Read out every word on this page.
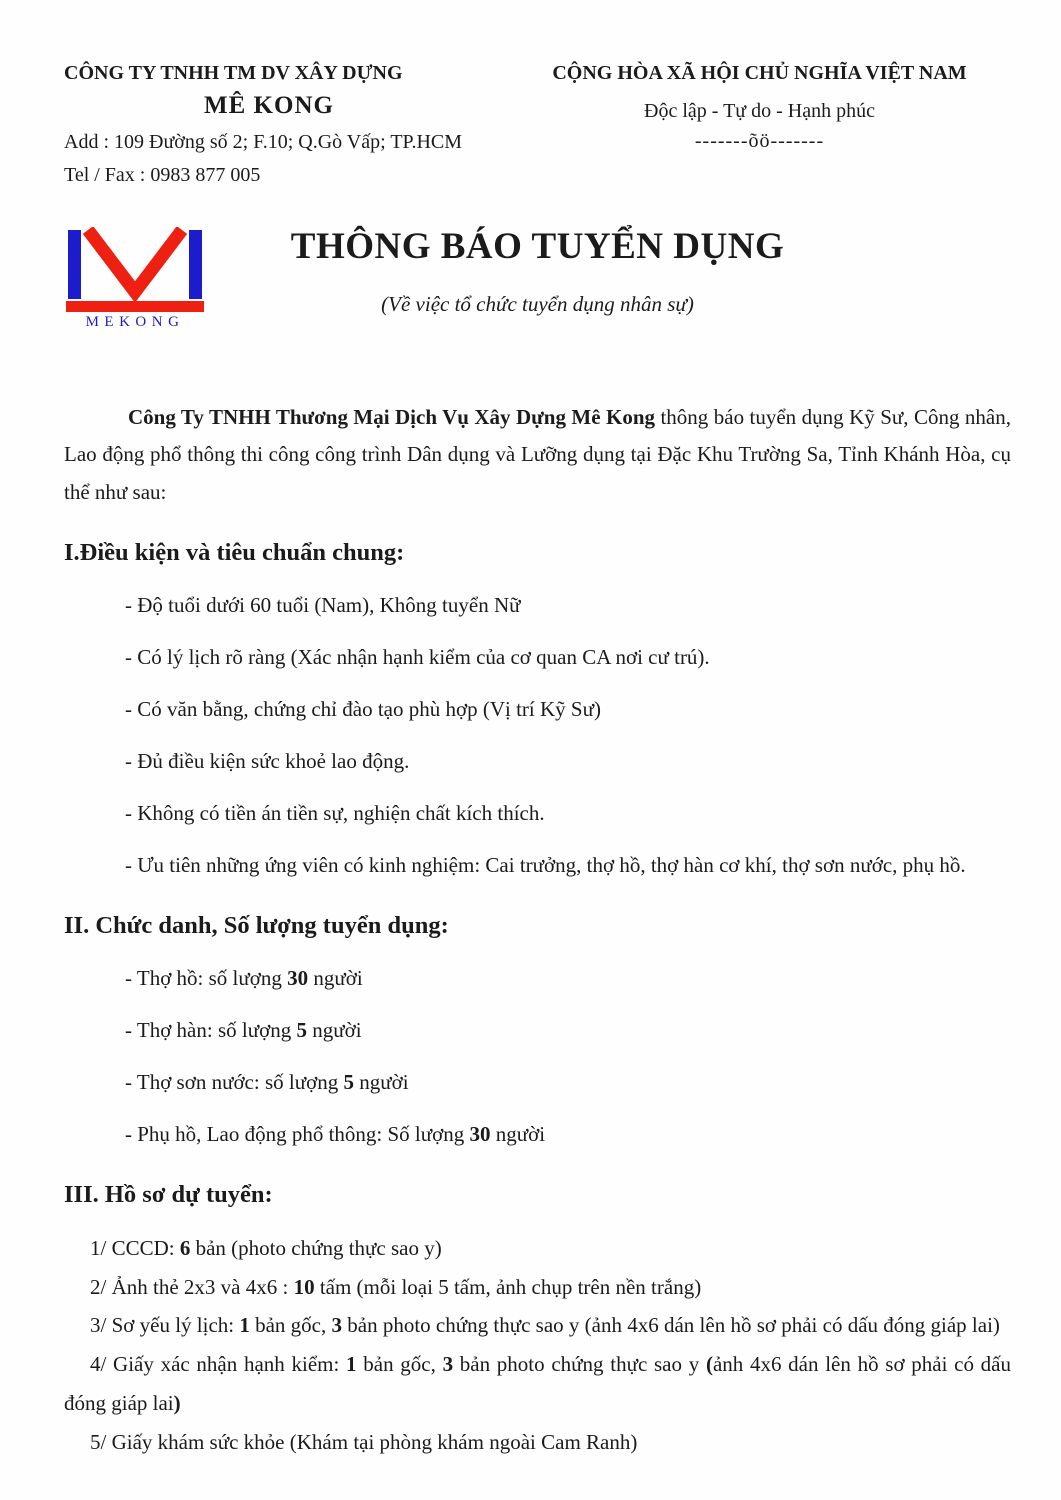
CÔNG TY TNHH TM DV XÂY DỰNG
MÊ KONG
Add : 109 Đường số 2; F.10; Q.Gò Vấp; TP.HCM
Tel / Fax : 0983 877 005
CỘNG HÒA XÃ HỘI CHỦ NGHĨA VIỆT NAM
Độc lập - Tự do - Hạnh phúc
-------õö-------
MEKONG
THÔNG BÁO TUYỂN DỤNG
(Về việc tổ chức tuyển dụng nhân sự)

Công Ty TNHH Thương Mại Dịch Vụ Xây Dựng Mê Kong thông báo tuyển dụng Kỹ Sư, Công nhân, Lao động phổ thông thi công công trình Dân dụng và Lưỡng dụng tại Đặc Khu Trường Sa, Tỉnh Khánh Hòa, cụ thể như sau:

I.Điều kiện và tiêu chuẩn chung:

- Độ tuổi dưới 60 tuổi (Nam), Không tuyển Nữ

- Có lý lịch rõ ràng (Xác nhận hạnh kiểm của cơ quan CA nơi cư trú).

- Có văn bằng, chứng chỉ đào tạo phù hợp (Vị trí Kỹ Sư)

- Đủ điều kiện sức khoẻ lao động.

- Không có tiền án tiền sự, nghiện chất kích thích.

- Ưu tiên những ứng viên có kinh nghiệm: Cai trưởng, thợ hồ, thợ hàn cơ khí, thợ sơn nước, phụ hồ.

II. Chức danh, Số lượng tuyển dụng:

- Thợ hồ: số lượng 30 người

- Thợ hàn: số lượng 5 người

- Thợ sơn nước: số lượng 5 người

- Phụ hồ, Lao động phổ thông: Số lượng 30 người

III. Hồ sơ dự tuyển:

1/ CCCD: 6 bản (photo chứng thực sao y)

2/ Ảnh thẻ 2x3 và 4x6 : 10 tấm (mỗi loại 5 tấm, ảnh chụp trên nền trắng)

3/ Sơ yếu lý lịch: 1 bản gốc, 3 bản photo chứng thực sao y (ảnh 4x6 dán lên hồ sơ phải có dấu đóng giáp lai)

4/ Giấy xác nhận hạnh kiểm: 1 bản gốc, 3 bản photo chứng thực sao y (ảnh 4x6 dán lên hồ sơ phải có dấu đóng giáp lai)

5/ Giấy khám sức khỏe (Khám tại phòng khám ngoài Cam Ranh)
